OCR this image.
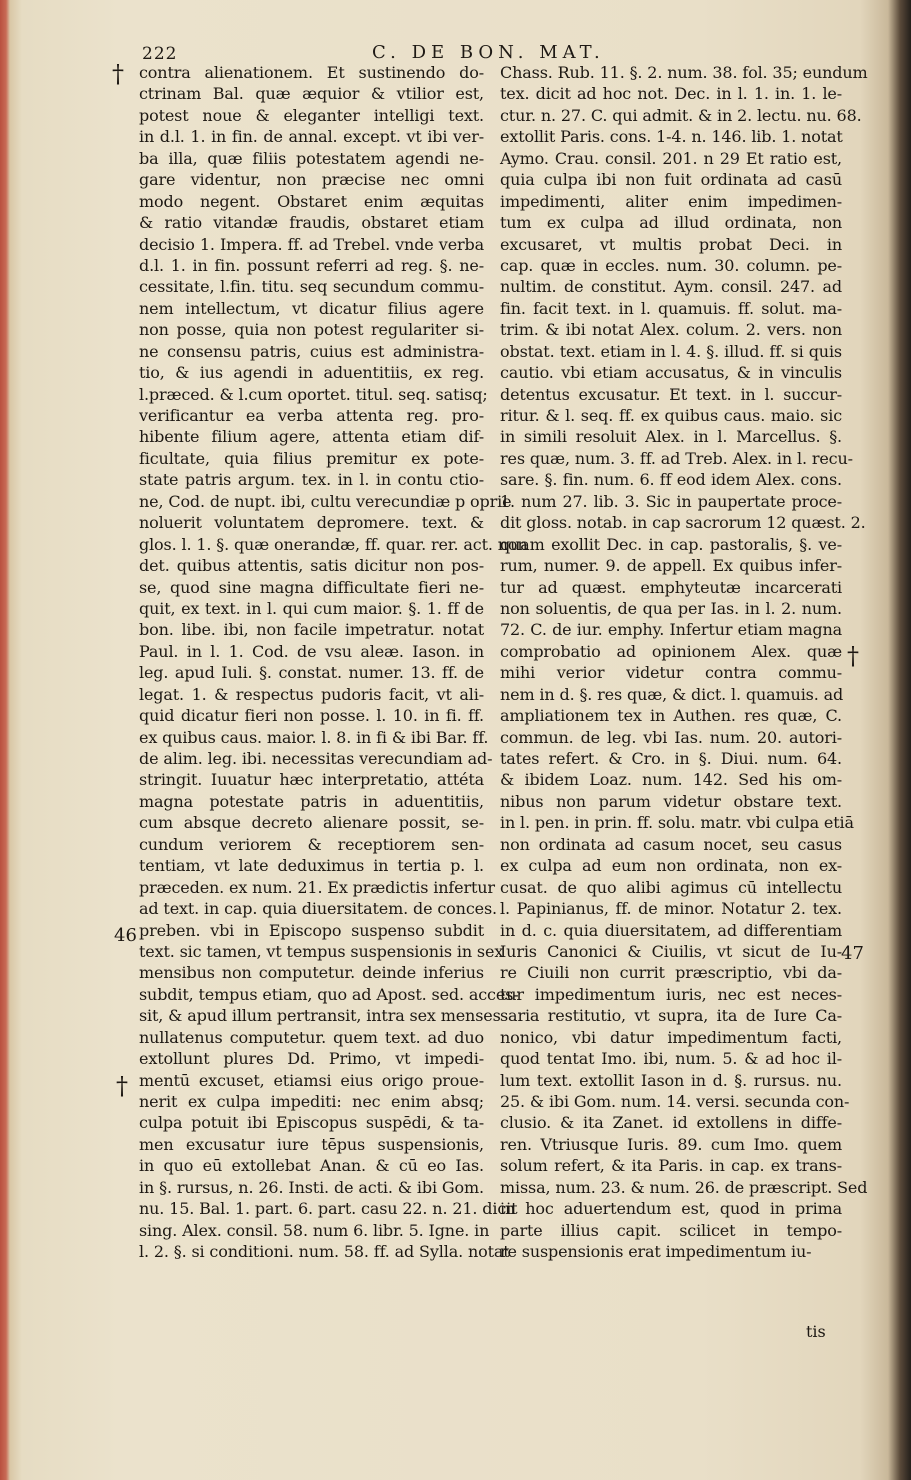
222	C. DE BON. MAT.
contra alienationem. Et sustinendo do-
ctrinam Bal. quæ æquior & vtilior est,
potest noue & eleganter intelligi text.
in d.l. 1. in fin. de annal. except. vt ibi ver-
ba illa, quæ filiis potestatem agendi ne-
gare videntur, non præcise nec omni
modo negent. Obstaret enim æquitas
& ratio vitandæ fraudis, obstaret etiam
decisio 1. Impera. ff. ad Trebel. vnde verba
d.l. 1. in fin. possunt referri ad reg. §. ne-
cessitate, l.fin. titu. seq secundum commu-
nem intellectum, vt dicatur filius agere
non posse, quia non potest regulariter si-
ne consensu patris, cuius est administra-
tio, & ius agendi in aduentitiis, ex reg.
l.præced. & l.cum oportet. titul. seq. satisq;
verificantur ea verba attenta reg. pro-
hibente filium agere, attenta etiam dif-
ficultate, quia filius premitur ex pote-
state patris argum. tex. in l. in contu ctio-
ne, Cod. de nupt. ibi, cultu verecundiæ p oprie
noluerit voluntatem depromere. text. &
glos. l. 1. §. quæ onerandæ, ff. quar. rer. act. non
det. quibus attentis, satis dicitur non pos-
se, quod sine magna difficultate fieri ne-
quit, ex text. in l. qui cum maior. §. 1. ff de
bon. libe. ibi, non facile impetratur. notat
Paul. in l. 1. Cod. de vsu aleæ. Iason. in
leg. apud Iuli. §. constat. numer. 13. ff. de
legat. 1. & respectus pudoris facit, vt ali-
quid dicatur fieri non posse. l. 10. in fi. ff.
ex quibus caus. maior. l. 8. in fi & ibi Bar. ff.
de alim. leg. ibi. necessitas verecundiam ad-
stringit. Iuuatur hæc interpretatio, attéta
magna potestate patris in aduentitiis,
cum absque decreto alienare possit, se-
cundum veriorem & receptiorem sen-
tentiam, vt late deduximus in tertia p. l.
præceden. ex num. 21. Ex prædictis infertur
ad text. in cap. quia diuersitatem. de conces.
preben. vbi in Episcopo suspenso subdit
text. sic tamen, vt tempus suspensionis in sex
mensibus non computetur. deinde inferius
subdit, tempus etiam, quo ad Apost. sed. acces-
sit, & apud illum pertransit, intra sex menses
nullatenus computetur. quem text. ad duo
extollunt plures Dd. Primo, vt impedi-
mentū excuset, etiamsi eius origo proue-
nerit ex culpa impediti: nec enim absq;
culpa potuit ibi Episcopus suspēdi, & ta-
men excusatur iure tēpus suspensionis,
in quo eū extollebat Anan. & cū eo Ias.
in §. rursus, n. 26. Insti. de acti. & ibi Gom.
nu. 15. Bal. 1. part. 6. part. casu 22. n. 21. dicit
sing. Alex. consil. 58. num 6. libr. 5. Igne. in
l. 2. §. si conditioni. num. 58. ff. ad Sylla. notat
Chass. Rub. 11. §. 2. num. 38. fol. 35; eundum
tex. dicit ad hoc not. Dec. in l. 1. in. 1. le-
ctur. n. 27. C. qui admit. & in 2. lectu. nu. 68.
extollit Paris. cons. 1-4. n. 146. lib. 1. notat
Aymo. Crau. consil. 201. n 29 Et ratio est,
quia culpa ibi non fuit ordinata ad casū
impedimenti, aliter enim impedimen-
tum ex culpa ad illud ordinata, non
excusaret, vt multis probat Deci. in
cap. quæ in eccles. num. 30. column. pe-
nultim. de constitut. Aym. consil. 247. ad
fin. facit text. in l. quamuis. ff. solut. ma-
trim. & ibi notat Alex. colum. 2. vers. non
obstat. text. etiam in l. 4. §. illud. ff. si quis
cautio. vbi etiam accusatus, & in vinculis
detentus excusatur. Et text. in l. succur-
ritur. & l. seq. ff. ex quibus caus. maio. sic
in simili resoluit Alex. in l. Marcellus. §.
res quæ, num. 3. ff. ad Treb. Alex. in l. recu-
sare. §. fin. num. 6. ff eod idem Alex. cons.
1. num 27. lib. 3. Sic in paupertate proce-
dit gloss. notab. in cap sacrorum 12 quæst. 2.
quam exollit Dec. in cap. pastoralis, §. ve-
rum, numer. 9. de appell. Ex quibus infer-
tur ad quæst. emphyteutæ incarcerati
non soluentis, de qua per Ias. in l. 2. num.
72. C. de iur. emphy. Infertur etiam magna
comprobatio ad opinionem Alex. quæ
mihi verior videtur contra commu-
nem in d. §. res quæ, & dict. l. quamuis. ad
ampliationem tex in Authen. res quæ, C.
commun. de leg. vbi Ias. num. 20. autori-
tates refert. & Cro. in §. Diui. num. 64.
& ibidem Loaz. num. 142. Sed his om-
nibus non parum videtur obstare text.
in l. pen. in prin. ff. solu. matr. vbi culpa etiā
non ordinata ad casum nocet, seu casus
ex culpa ad eum non ordinata, non ex-
cusat. de quo alibi agimus cū intellectu
l. Papinianus, ff. de minor. Notatur 2. tex.
in d. c. quia diuersitatem, ad differentiam
Iuris Canonici & Ciuilis, vt sicut de Iu-
re Ciuili non currit præscriptio, vbi da-
tur impedimentum iuris, nec est neces-
saria restitutio, vt supra, ita de Iure Ca-
nonico, vbi datur impedimentum facti,
quod tentat Imo. ibi, num. 5. & ad hoc il-
lum text. extollit Iason in d. §. rursus. nu.
25. & ibi Gom. num. 14. versi. secunda con-
clusio. & ita Zanet. id extollens in diffe-
ren. Vtriusque Iuris. 89. cum Imo. quem
solum refert, & ita Paris. in cap. ex trans-
missa, num. 23. & num. 26. de præscript. Sed
in hoc aduertendum est, quod in prima
parte illius capit. scilicet in tempo-
re suspensionis erat impedimentum iu-
†
†
†
46
47
tis
